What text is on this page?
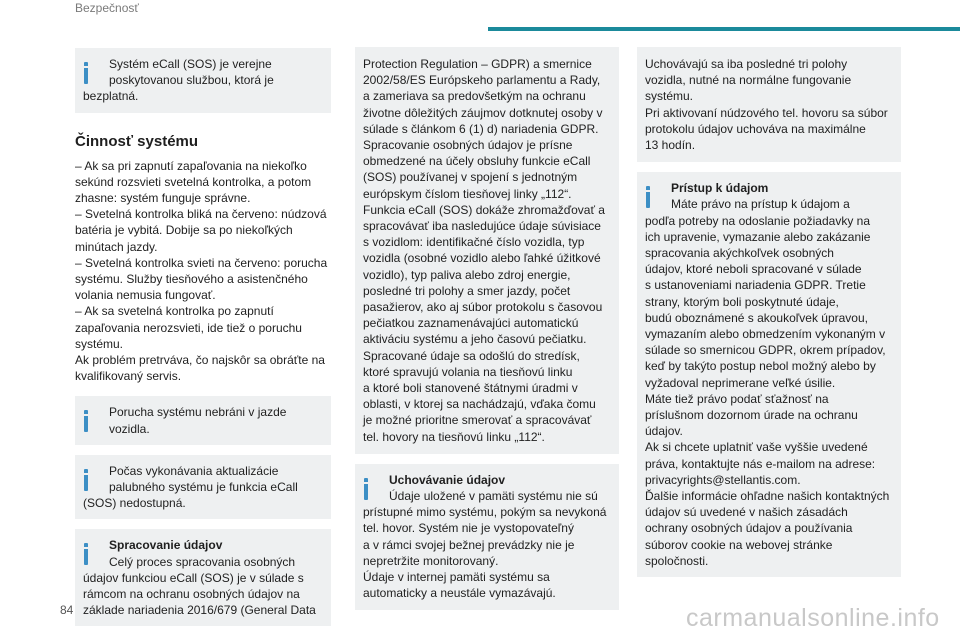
Bezpečnosť
Systém eCall (SOS) je verejne
poskytovanou službou, ktorá je
bezplatná.
Činnosť systému

– Ak sa pri zapnutí zapaľovania na niekoľko

sekúnd rozsvieti svetelná kontrolka, a potom

zhasne: systém funguje správne.

– Svetelná kontrolka bliká na červeno: núdzová

batéria je vybitá. Dobije sa po niekoľkých

minútach jazdy.

– Svetelná kontrolka svieti na červeno: porucha

systému. Služby tiesňového a asistenčného

volania nemusia fungovať.

– Ak sa svetelná kontrolka po zapnutí

zapaľovania nerozsvieti, ide tiež o poruchu

systému.

Ak problém pretrváva, čo najskôr sa obráťte na

kvalifikovaný servis.

Porucha systému nebráni v jazde
vozidla.
Počas vykonávania aktualizácie
palubného systému je funkcia eCall
(SOS) nedostupná.
Spracovanie údajov
Celý proces spracovania osobných
údajov funkciou eCall (SOS) je v súlade s
rámcom na ochranu osobných údajov na
základe nariadenia 2016/679 (General Data
Protection Regulation – GDPR) a smernice
2002/58/ES Európskeho parlamentu a Rady,
a zameriava sa predovšetkým na ochranu
životne dôležitých záujmov dotknutej osoby v
súlade s článkom 6 (1) d) nariadenia GDPR.
Spracovanie osobných údajov je prísne
obmedzené na účely obsluhy funkcie eCall
(SOS) používanej v spojení s jednotným
európskym číslom tiesňovej linky „112“.
Funkcia eCall (SOS) dokáže zhromažďovať a
spracovávať iba nasledujúce údaje súvisiace
s vozidlom: identifikačné číslo vozidla, typ
vozidla (osobné vozidlo alebo ľahké úžitkové
vozidlo), typ paliva alebo zdroj energie,
posledné tri polohy a smer jazdy, počet
pasažierov, ako aj súbor protokolu s časovou
pečiatkou zaznamenávajúci automatickú
aktiváciu systému a jeho časovú pečiatku.
Spracované údaje sa odošlú do stredísk,
ktoré spravujú volania na tiesňovú linku
a ktoré boli stanovené štátnymi úradmi v
oblasti, v ktorej sa nachádzajú, vďaka čomu
je možné prioritne smerovať a spracovávať
tel. hovory na tiesňovú linku „112“.
Uchovávanie údajov
Údaje uložené v pamäti systému nie sú
prístupné mimo systému, pokým sa nevykoná
tel. hovor. Systém nie je vystopovateľný
a v rámci svojej bežnej prevádzky nie je
nepretržite monitorovaný.
Údaje v internej pamäti systému sa
automaticky a neustále vymazávajú.
Uchovávajú sa iba posledné tri polohy
vozidla, nutné na normálne fungovanie
systému.
Pri aktivovaní núdzového tel. hovoru sa súbor
protokolu údajov uchováva na maximálne
13 hodín.
Prístup k údajom
Máte právo na prístup k údajom a
podľa potreby na odoslanie požiadavky na
ich upravenie, vymazanie alebo zakázanie
spracovania akýchkoľvek osobných
údajov, ktoré neboli spracované v súlade
s ustanoveniami nariadenia GDPR. Tretie
strany, ktorým boli poskytnuté údaje,
budú oboznámené s akoukoľvek úpravou,
vymazaním alebo obmedzením vykonaným v
súlade so smernicou GDPR, okrem prípadov,
keď by takýto postup nebol možný alebo by
vyžadoval neprimerane veľké úsilie.
Máte tiež právo podať sťažnosť na
príslušnom dozornom úrade na ochranu
údajov.
Ak si chcete uplatniť vaše vyššie uvedené
práva, kontaktujte nás e-mailom na adrese:
privacyrights@stellantis.com.
Ďalšie informácie ohľadne našich kontaktných
údajov sú uvedené v našich zásadách
ochrany osobných údajov a používania
súborov cookie na webovej stránke
spoločnosti.
84	carmanualsonline.info
